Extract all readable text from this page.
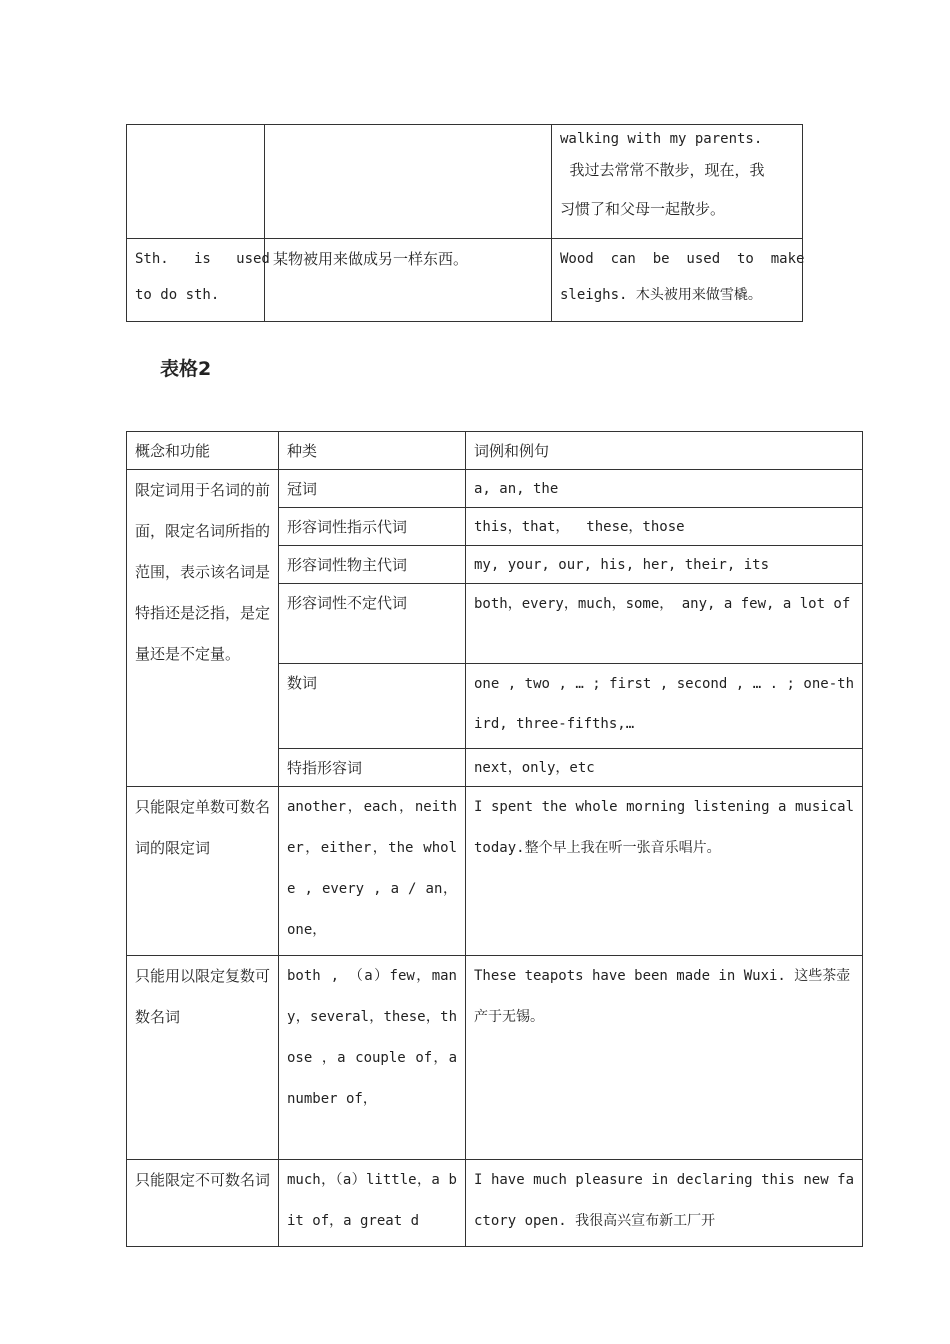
		walking with my parents.
我过去常常不散步，现在，我
习惯了和父母一起散步。

Sth.   is   used
to do sth.	某物被用来做成另一样东西。	Wood  can  be  used  to  make
sleighs. 木头被用来做雪橇。
表格2
概念和功能	种类	词例和例句
限定词用于名词的前面，限定名词所指的范围，表示该名词是特指还是泛指，是定量还是不定量。	冠词	a, an, the
	形容词性指示代词	this，that，  these，those
	形容词性物主代词	my, your, our, his, her, their, its
	形容词性不定代词	both，every，much，some， any, a few, a lot of
	数词	one , two , … ; first , second , … . ; one-third, three-fifths,…
	特指形容词	next，only，etc
只能限定单数可数名词的限定词	another，each，neither，either，the whole , every , a / an，one，	I spent the whole morning listening a musical today.整个早上我在听一张音乐唱片。
只能用以限定复数可数名词	both , （a）few，many，several，these，those ，a couple of，a number of，	These teapots have been made in Wuxi. 这些茶壶产于无锡。
只能限定不可数名词	much，（a）little，a bit of，a great d	I have much pleasure in declaring this new factory open. 我很高兴宣布新工厂开
